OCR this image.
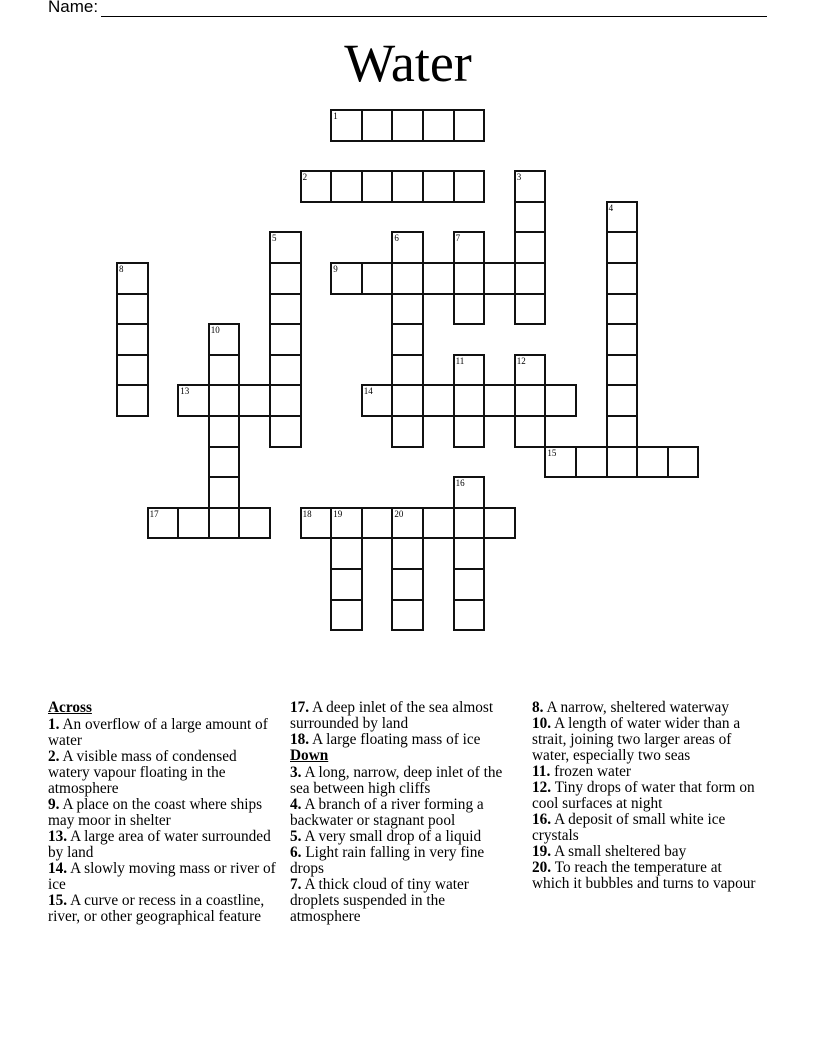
Name:
Water
1
2
9
13	14
15
17	18 19	20
3
4
5	6	7
8
10
11	12
16
Across
1. An overflow of a large amount of water
2. A visible mass of condensed watery vapour floating in the atmosphere
9. A place on the coast where ships may moor in shelter
13. A large area of water surrounded by land
14. A slowly moving mass or river of ice
15. A curve or recess in a coastline, river, or other geographical feature
17. A deep inlet of the sea almost surrounded by land
18. A large floating mass of ice
Down
3. A long, narrow, deep inlet of the sea between high cliffs
4. A branch of a river forming a backwater or stagnant pool
5. A very small drop of a liquid
6. Light rain falling in very fine drops
7. A thick cloud of tiny water droplets suspended in the atmosphere
8. A narrow, sheltered waterway
10. A length of water wider than a strait, joining two larger areas of water, especially two seas
11. frozen water
12. Tiny drops of water that form on cool surfaces at night
16. A deposit of small white ice crystals
19. A small sheltered bay
20. To reach the temperature at which it bubbles and turns to vapour
